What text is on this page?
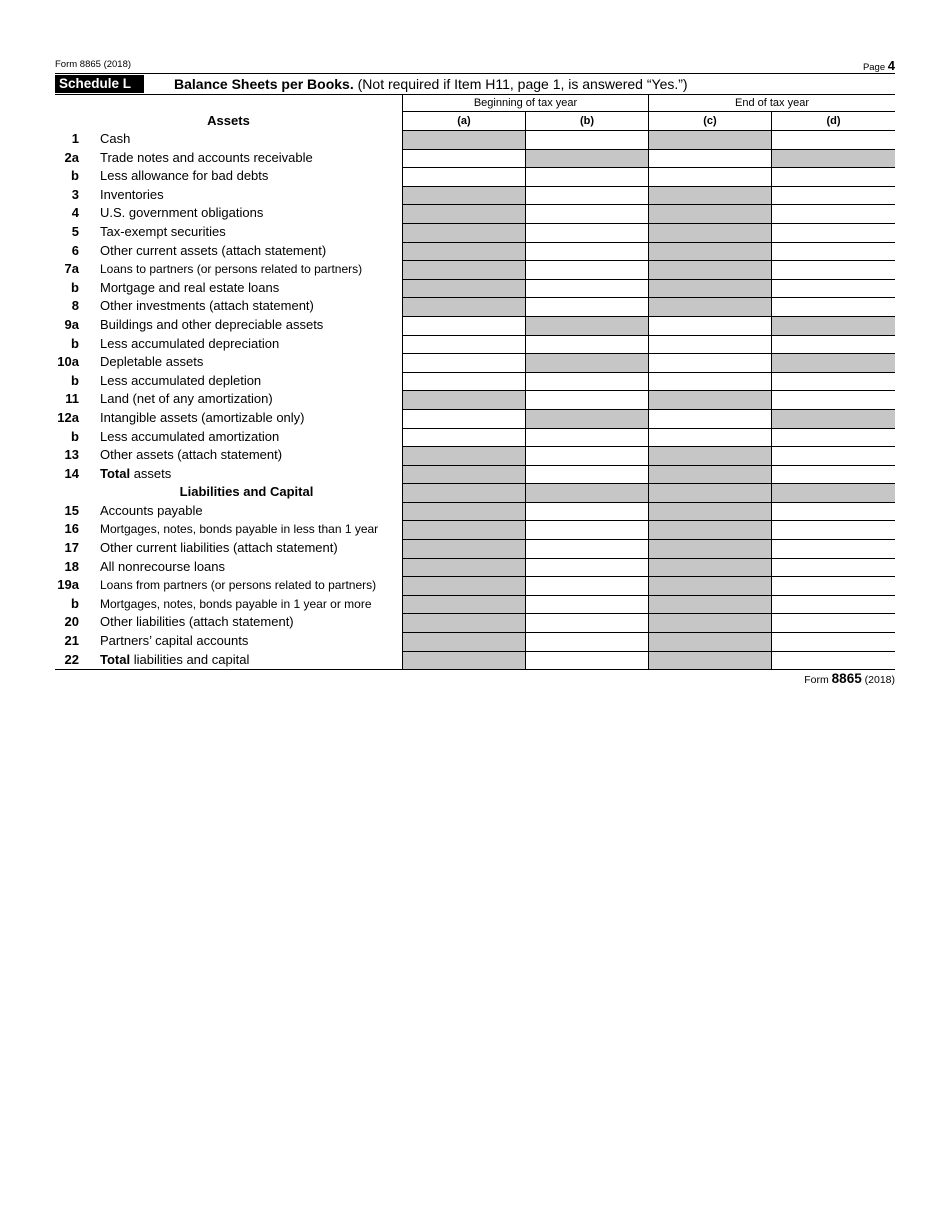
Form 8865 (2018)	Page 4
Schedule L	Balance Sheets per Books. (Not required if Item H11, page 1, is answered “Yes.”)
Assets
Beginning of tax year	End of tax year
(a)	(b)	(c)	(d)
1 Cash
2a Trade notes and accounts receivable
b Less allowance for bad debts
3 Inventories
4 U.S. government obligations
5 Tax-exempt securities
6 Other current assets (attach statement)
7a Loans to partners (or persons related to partners)
b Mortgage and real estate loans
8 Other investments (attach statement)
9a Buildings and other depreciable assets
b Less accumulated depreciation
10a Depletable assets
b Less accumulated depletion
11 Land (net of any amortization)
12a Intangible assets (amortizable only)
b Less accumulated amortization
13 Other assets (attach statement)
14 Total assets
Liabilities and Capital
15 Accounts payable
16 Mortgages, notes, bonds payable in less than 1 year
17 Other current liabilities (attach statement)
18 All nonrecourse loans
19a Loans from partners (or persons related to partners)
b Mortgages, notes, bonds payable in 1 year or more
20 Other liabilities (attach statement)
21 Partners’ capital accounts
22 Total liabilities and capital
Form 8865 (2018)
